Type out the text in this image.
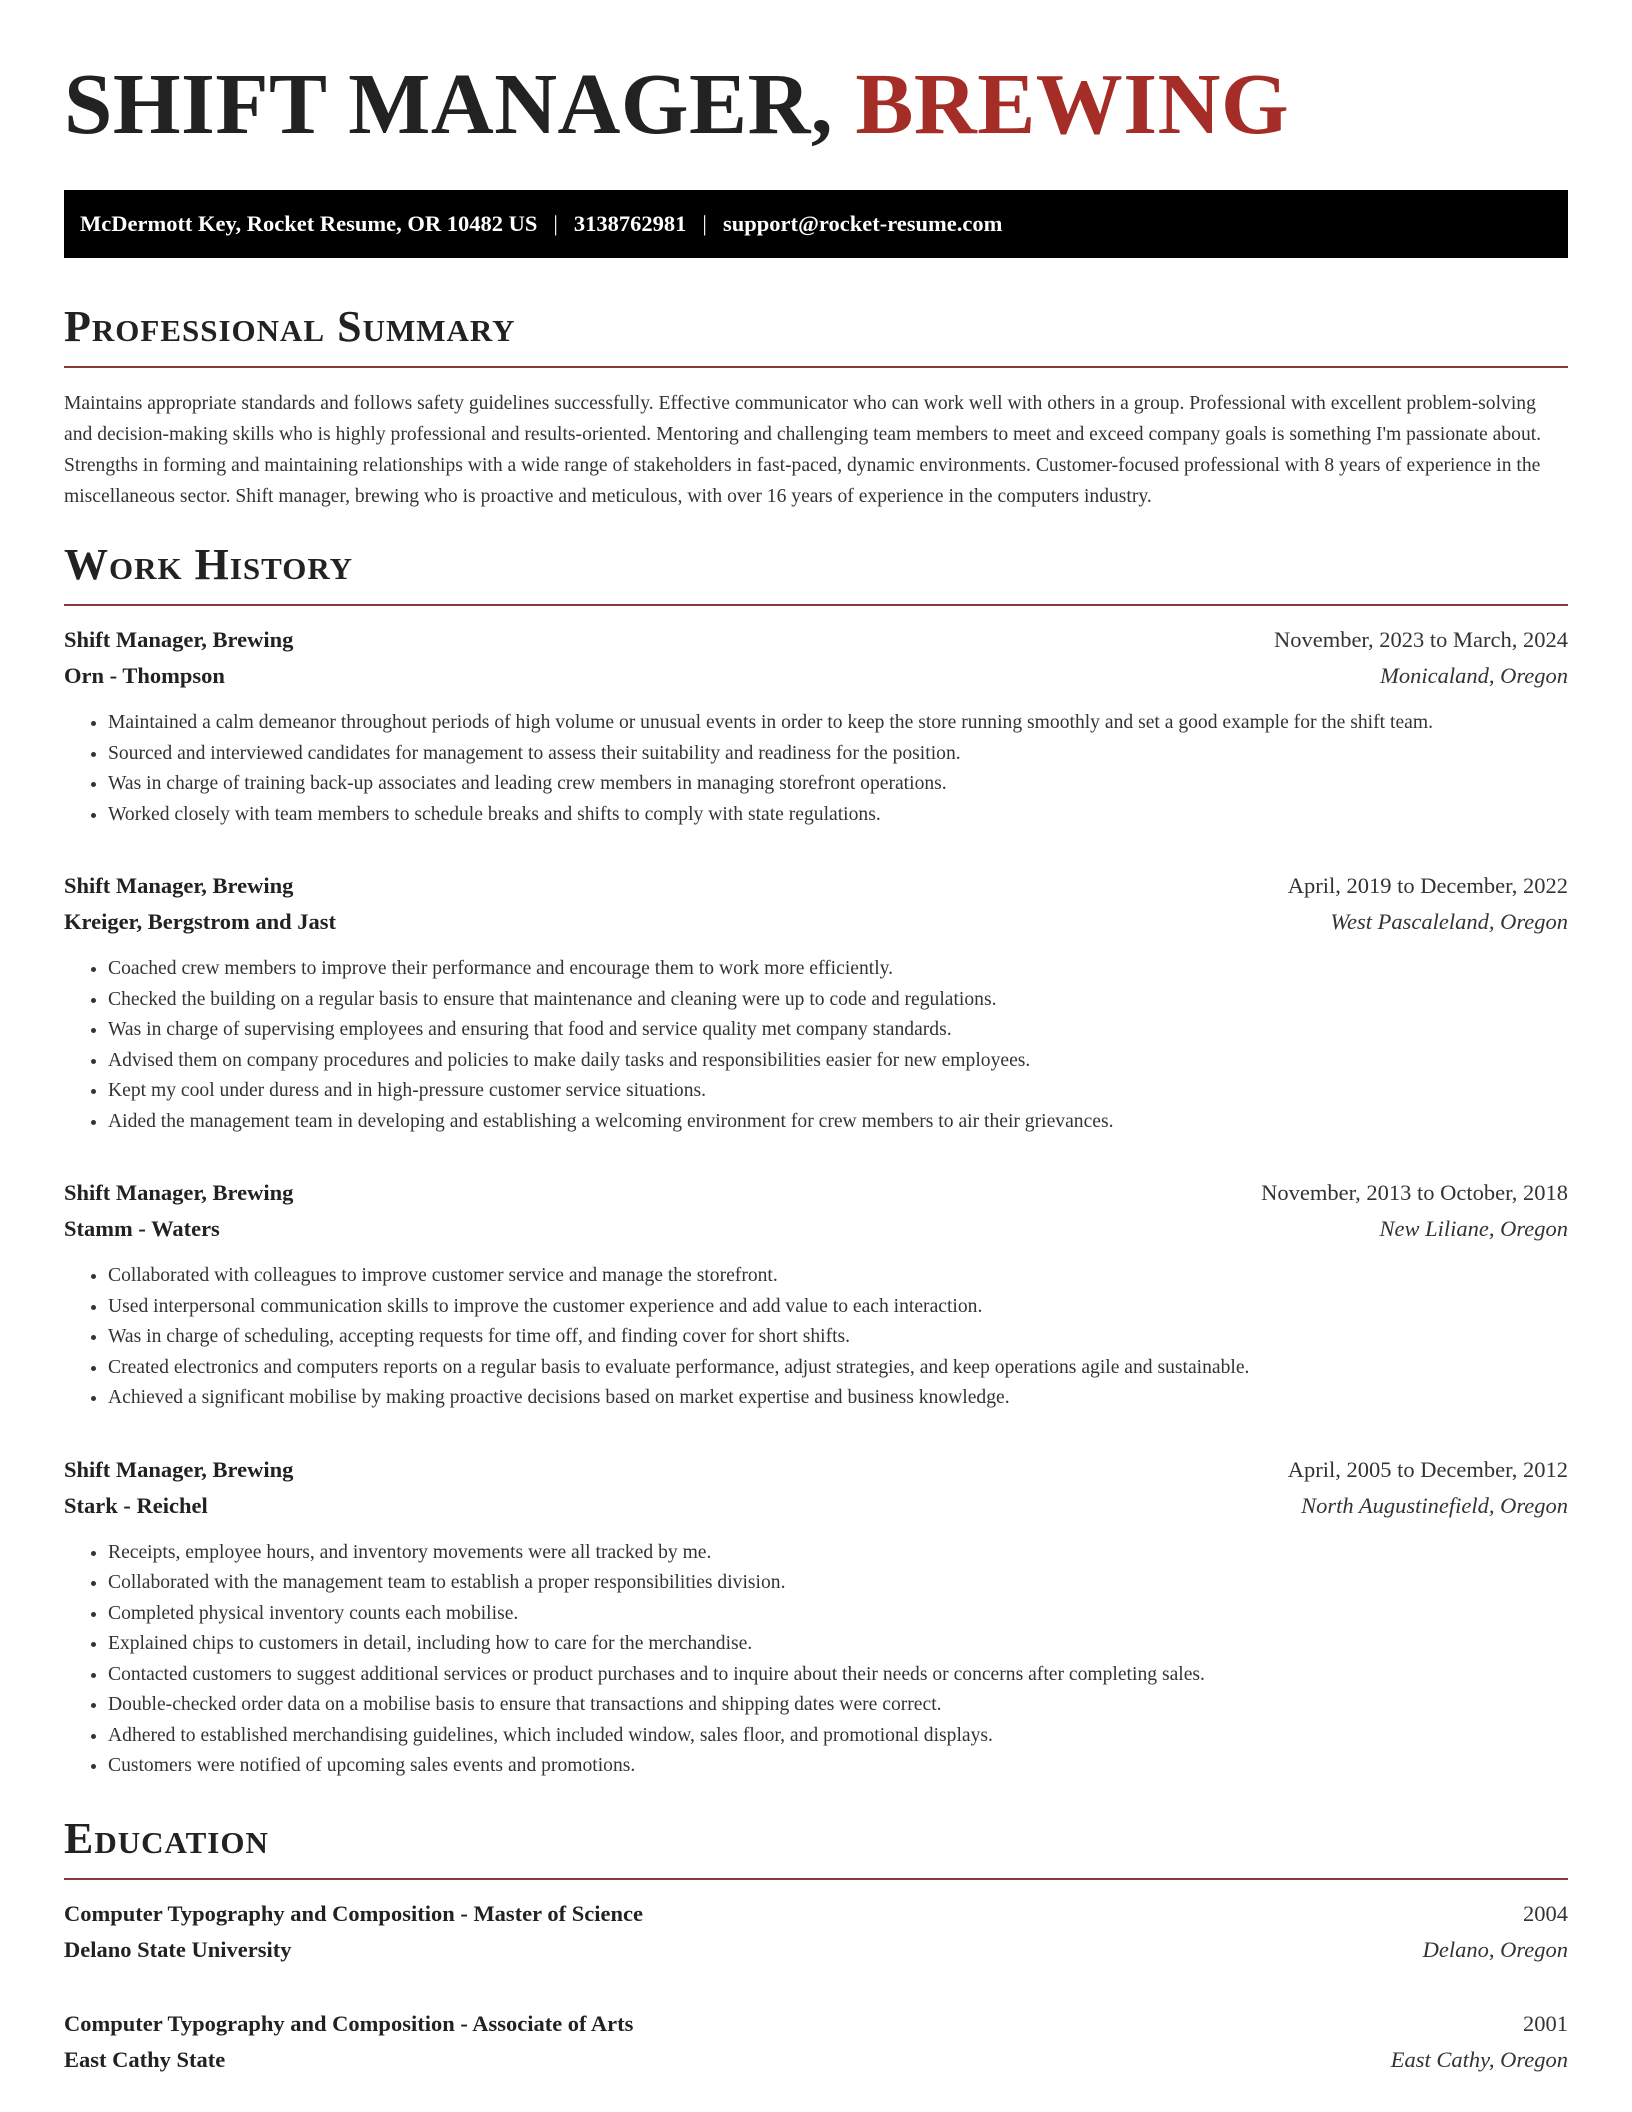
SHIFT MANAGER, BREWING
McDermott Key, Rocket Resume, OR 10482 US | 3138762981 | support@rocket-resume.com
Professional Summary

Maintains appropriate standards and follows safety guidelines successfully. Effective communicator who can work well with others in a group. Professional with excellent problem-solving and decision-making skills who is highly professional and results-oriented. Mentoring and challenging team members to meet and exceed company goals is something I'm passionate about. Strengths in forming and maintaining relationships with a wide range of stakeholders in fast-paced, dynamic environments. Customer-focused professional with 8 years of experience in the miscellaneous sector. Shift manager, brewing who is proactive and meticulous, with over 16 years of experience in the computers industry.

Work History
Shift Manager, Brewing	November, 2023 to March, 2024
Orn - Thompson	Monicaland, Oregon
• Maintained a calm demeanor throughout periods of high volume or unusual events in order to keep the store running smoothly and set a good example for the shift team.
• Sourced and interviewed candidates for management to assess their suitability and readiness for the position.
• Was in charge of training back-up associates and leading crew members in managing storefront operations.
• Worked closely with team members to schedule breaks and shifts to comply with state regulations.
Shift Manager, Brewing	April, 2019 to December, 2022
Kreiger, Bergstrom and Jast	West Pascaleland, Oregon
• Coached crew members to improve their performance and encourage them to work more efficiently.
• Checked the building on a regular basis to ensure that maintenance and cleaning were up to code and regulations.
• Was in charge of supervising employees and ensuring that food and service quality met company standards.
• Advised them on company procedures and policies to make daily tasks and responsibilities easier for new employees.
• Kept my cool under duress and in high-pressure customer service situations.
• Aided the management team in developing and establishing a welcoming environment for crew members to air their grievances.
Shift Manager, Brewing	November, 2013 to October, 2018
Stamm - Waters	New Liliane, Oregon
• Collaborated with colleagues to improve customer service and manage the storefront.
• Used interpersonal communication skills to improve the customer experience and add value to each interaction.
• Was in charge of scheduling, accepting requests for time off, and finding cover for short shifts.
• Created electronics and computers reports on a regular basis to evaluate performance, adjust strategies, and keep operations agile and sustainable.
• Achieved a significant mobilise by making proactive decisions based on market expertise and business knowledge.
Shift Manager, Brewing	April, 2005 to December, 2012
Stark - Reichel	North Augustinefield, Oregon
• Receipts, employee hours, and inventory movements were all tracked by me.
• Collaborated with the management team to establish a proper responsibilities division.
• Completed physical inventory counts each mobilise.
• Explained chips to customers in detail, including how to care for the merchandise.
• Contacted customers to suggest additional services or product purchases and to inquire about their needs or concerns after completing sales.
• Double-checked order data on a mobilise basis to ensure that transactions and shipping dates were correct.
• Adhered to established merchandising guidelines, which included window, sales floor, and promotional displays.
• Customers were notified of upcoming sales events and promotions.
Education
Computer Typography and Composition - Master of Science	2004
Delano State University	Delano, Oregon
Computer Typography and Composition - Associate of Arts	2001
East Cathy State	East Cathy, Oregon
